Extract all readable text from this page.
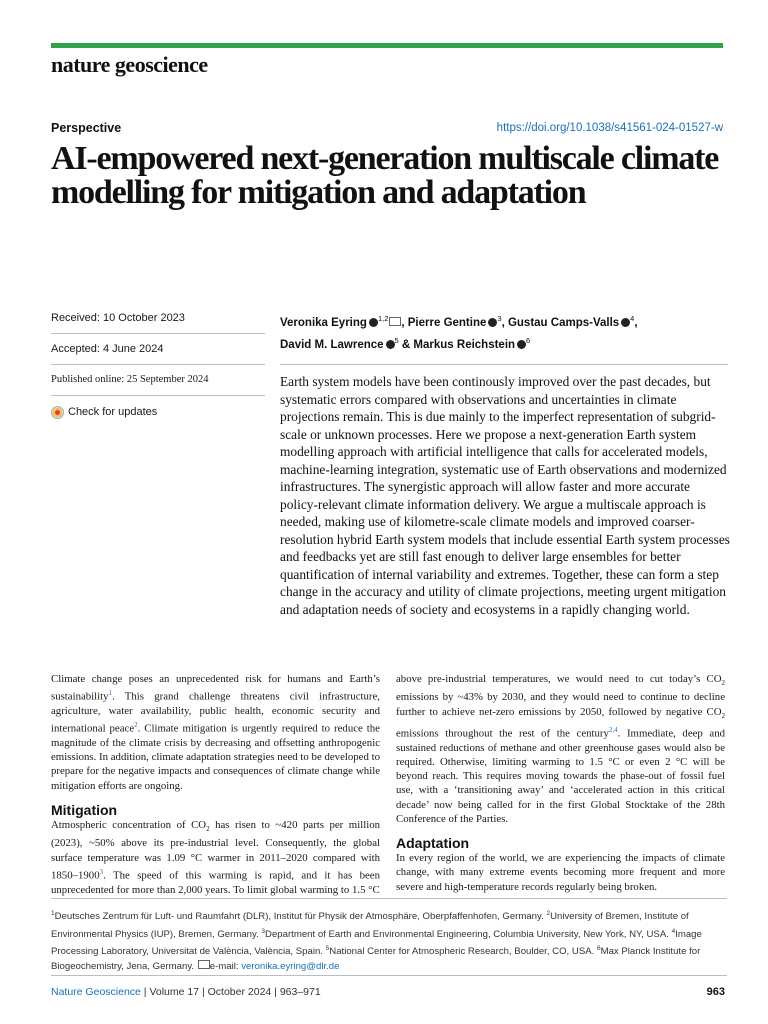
nature geoscience
Perspective	https://doi.org/10.1038/s41561-024-01527-w
AI-empowered next-generation multiscale climate modelling for mitigation and adaptation
Received: 10 October 2023
Accepted: 4 June 2024
Published online: 25 September 2024
Check for updates
Veronika Eyring $^{1,2}$ , Pierre Gentine $^3$, Gustau Camps-Valls $^4$,
David M. Lawrence $^5$ & Markus Reichstein $^6$

Earth system models have been continously improved over the past decades, but systematic errors compared with observations and uncertainties in climate projections remain. This is due mainly to the imperfect representation of subgrid-scale or unknown processes. Here we propose a next-generation Earth system modelling approach with artificial intelligence that calls for accelerated models, machine-learning integration, systematic use of Earth observations and modernized infrastructures. The synergistic approach will allow faster and more accurate policy-relevant climate information delivery. We argue a multiscale approach is needed, making use of kilometre-scale climate models and improved coarser-resolution hybrid Earth system models that include essential Earth system processes and feedbacks yet are still fast enough to deliver large ensembles for better quantification of internal variability and extremes. Together, these can form a step change in the accuracy and utility of climate projections, meeting urgent mitigation and adaptation needs of society and ecosystems in a rapidly changing world.

Climate change poses an unprecedented risk for humans and Earth’s sustainability$^1$. This grand challenge threatens civil infrastructure, agriculture, water availability, public health, economic security and international peace$^2$. Climate mitigation is urgently required to reduce the magnitude of the climate crisis by decreasing and offsetting anthropogenic emissions. In addition, climate adaptation strategies need to be developed to prepare for the negative impacts and consequences of climate change while mitigation efforts are ongoing.

Mitigation

Atmospheric concentration of $CO_2$ has risen to ~420 parts per million (2023), ~50% above its pre-industrial level. Consequently, the global surface temperature was 1.09 °C warmer in 2011–2020 compared with 1850–1900$^3$. The speed of this warming is rapid, and it has been unprecedented for more than 2,000 years. To limit global warming to 1.5 °C

above pre-industrial temperatures, we would need to cut today’s $CO_2$ emissions by ~43% by 2030, and they would need to continue to decline further to achieve net-zero emissions by 2050, followed by negative $CO_2$ emissions throughout the rest of the century$^{2,4}$. Immediate, deep and sustained reductions of methane and other greenhouse gases would also be required. Otherwise, limiting warming to 1.5 °C or even 2 °C will be beyond reach. This requires moving towards the phase-out of fossil fuel use, with a ‘transitioning away’ and ‘accelerated action in this critical decade’ now being called for in the first Global Stocktake of the 28th Conference of the Parties.

Adaptation

In every region of the world, we are experiencing the impacts of climate change, with many extreme events becoming more frequent and more severe and high-temperature records regularly being broken.

$^1$Deutsches Zentrum für Luft- und Raumfahrt (DLR), Institut für Physik der Atmosphäre, Oberpfaffenhofen, Germany. $^2$University of Bremen, Institute of Environmental Physics (IUP), Bremen, Germany. $^3$Department of Earth and Environmental Engineering, Columbia University, New York, NY, USA. $^4$Image Processing Laboratory, Universitat de València, València, Spain. $^5$National Center for Atmospheric Research, Boulder, CO, USA. $^6$Max Planck Institute for Biogeochemistry, Jena, Germany. e-mail: veronika.eyring@dlr.de

Nature Geoscience | Volume 17 | October 2024 | 963–971	963
